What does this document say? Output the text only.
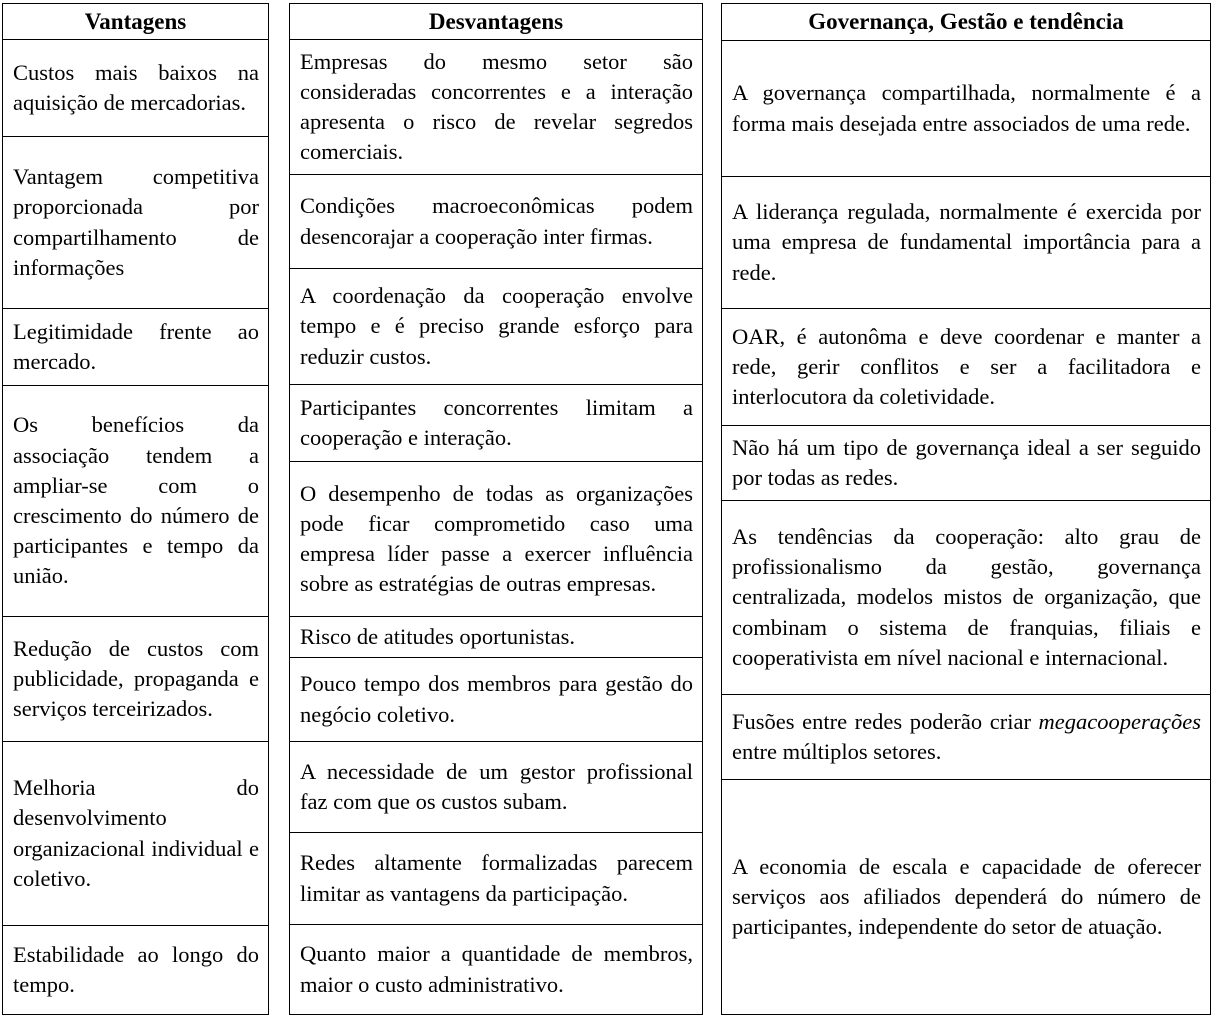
Vantagens

Custos mais baixos na aquisição de mercadorias.

Vantagem competitiva proporcionada por compartilhamento de informações

Legitimidade frente ao mercado.

Os benefícios da associação tendem a ampliar-se com o crescimento do número de participantes e tempo da união.

Redução de custos com publicidade, propaganda e serviços terceirizados.

Melhoria do desenvolvimento organizacional individual e coletivo.

Estabilidade ao longo do tempo.

Desvantagens

Empresas do mesmo setor são consideradas concorrentes e a interação apresenta o risco de revelar segredos comerciais.

Condições macroeconômicas podem desencorajar a cooperação inter firmas.

A coordenação da cooperação envolve tempo e é preciso grande esforço para reduzir custos.

Participantes concorrentes limitam a cooperação e interação.

O desempenho de todas as organizações pode ficar comprometido caso uma empresa líder passe a exercer influência sobre as estratégias de outras empresas.

Risco de atitudes oportunistas.

Pouco tempo dos membros para gestão do negócio coletivo.

A necessidade de um gestor profissional faz com que os custos subam.

Redes altamente formalizadas parecem limitar as vantagens da participação.

Quanto maior a quantidade de membros, maior o custo administrativo.

Governança, Gestão e tendência

A governança compartilhada, normalmente é a forma mais desejada entre associados de uma rede.

A liderança regulada, normalmente é exercida por uma empresa de fundamental importância para a rede.

OAR, é autonôma e deve coordenar e manter a rede, gerir conflitos e ser a facilitadora e interlocutora da coletividade.

Não há um tipo de governança ideal a ser seguido por todas as redes.

As tendências da cooperação: alto grau de profissionalismo da gestão, governança centralizada, modelos mistos de organização, que combinam o sistema de franquias, filiais e cooperativista em nível nacional e internacional.

Fusões entre redes poderão criar megacooperações entre múltiplos setores.

A economia de escala e capacidade de oferecer serviços aos afiliados dependerá do número de participantes, independente do setor de atuação.
